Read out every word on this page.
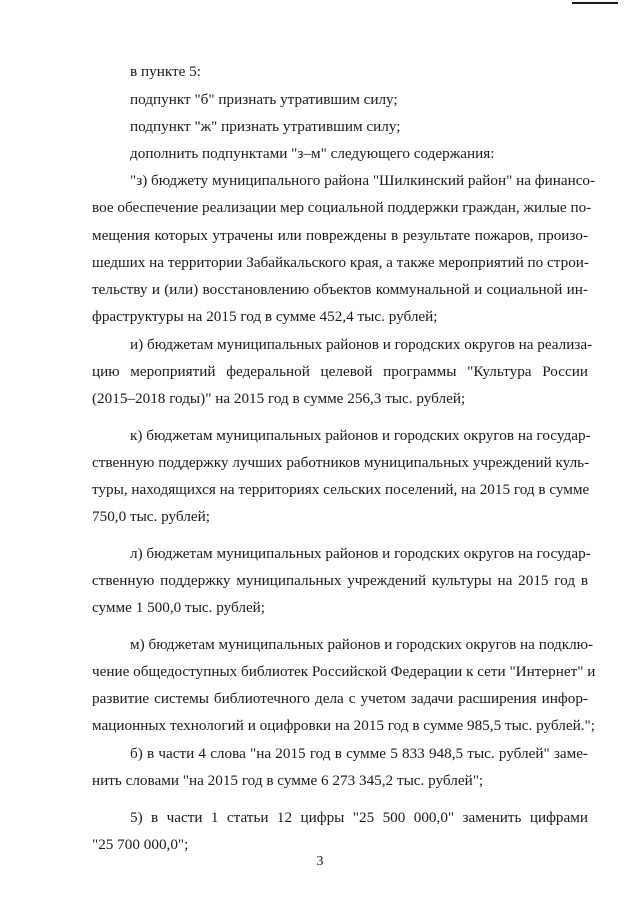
в пункте 5:
подпункт "б" признать утратившим силу;
подпункт "ж" признать утратившим силу;
дополнить подпунктами "з–м" следующего содержания:
"з) бюджету муниципального района "Шилкинский район" на финансо-
вое обеспечение реализации мер социальной поддержки граждан, жилые по-
мещения которых утрачены или повреждены в результате пожаров, произо-
шедших на территории Забайкальского края, а также мероприятий по строи-
тельству и (или) восстановлению объектов коммунальной и социальной ин-
фраструктуры на 2015 год в сумме 452,4 тыс. рублей;
и) бюджетам муниципальных районов и городских округов на реализа-
цию мероприятий федеральной целевой программы "Культура России
(2015–2018 годы)" на 2015 год в сумме 256,3 тыс. рублей;
к) бюджетам муниципальных районов и городских округов на государ-
ственную поддержку лучших работников муниципальных учреждений куль-
туры, находящихся на территориях сельских поселений, на 2015 год в сумме
750,0 тыс. рублей;
л) бюджетам муниципальных районов и городских округов на государ-
ственную поддержку муниципальных учреждений культуры на 2015 год в
сумме 1 500,0 тыс. рублей;
м) бюджетам муниципальных районов и городских округов на подклю-
чение общедоступных библиотек Российской Федерации к сети "Интернет" и
развитие системы библиотечного дела с учетом задачи расширения инфор-
мационных технологий и оцифровки на 2015 год в сумме 985,5 тыс. рублей.";
б) в части 4 слова "на 2015 год в сумме 5 833 948,5 тыс. рублей" заме-
нить словами "на 2015 год в сумме 6 273 345,2 тыс. рублей";
5) в части 1 статьи 12 цифры "25 500 000,0" заменить цифрами
"25 700 000,0";
3
